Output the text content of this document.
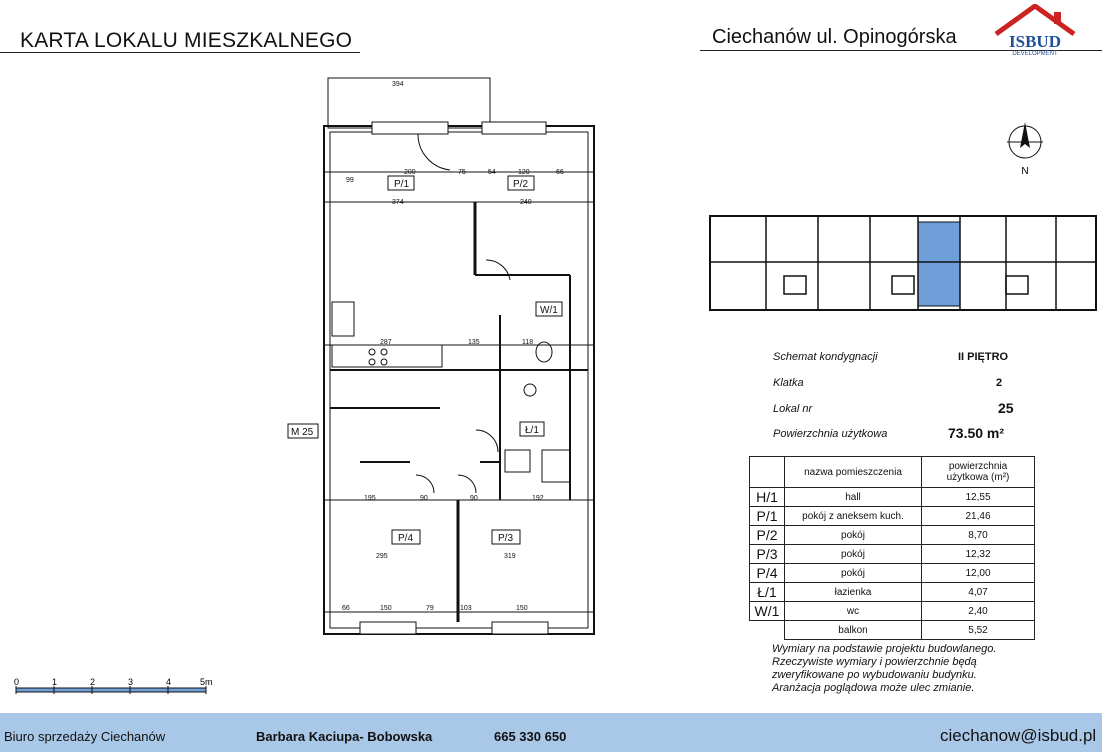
KARTA LOKALU MIESZKALNEGO	Ciechanów ul. Opinogórska	ISBUD
DEVELOPMENT
394
99
200	75	54	120	66
374	240
287	135	118
195	90	90	192
295	319
66	150	79	103	150
P/1	P/2
W/1
Ł/1
P/4	P/3
M 25
N
Schemat kondygnacji	II PIĘTRO
Klatka	2
Lokal nr	25
Powierzchnia użytkowa	73.50 m²
	nazwa pomieszczenia	powierzchnia
użytkowa (m²)
H/1	hall	12,55
P/1	pokój z aneksem kuch.	21,46
P/2	pokój	8,70
P/3	pokój	12,32
P/4	pokój	12,00
Ł/1	łazienka	4,07
W/1	wc	2,40
	balkon	5,52
Wymiary na podstawie projektu budowlanego.
Rzeczywiste wymiary i powierzchnie będą
zweryfikowane po wybudowaniu budynku.
Aranżacja poglądowa może ulec zmianie.
0	1	2	3	4	5m
Biuro sprzedaży Ciechanów	Barbara Kaciupa- Bobowska	665 330 650	ciechanow@isbud.pl
